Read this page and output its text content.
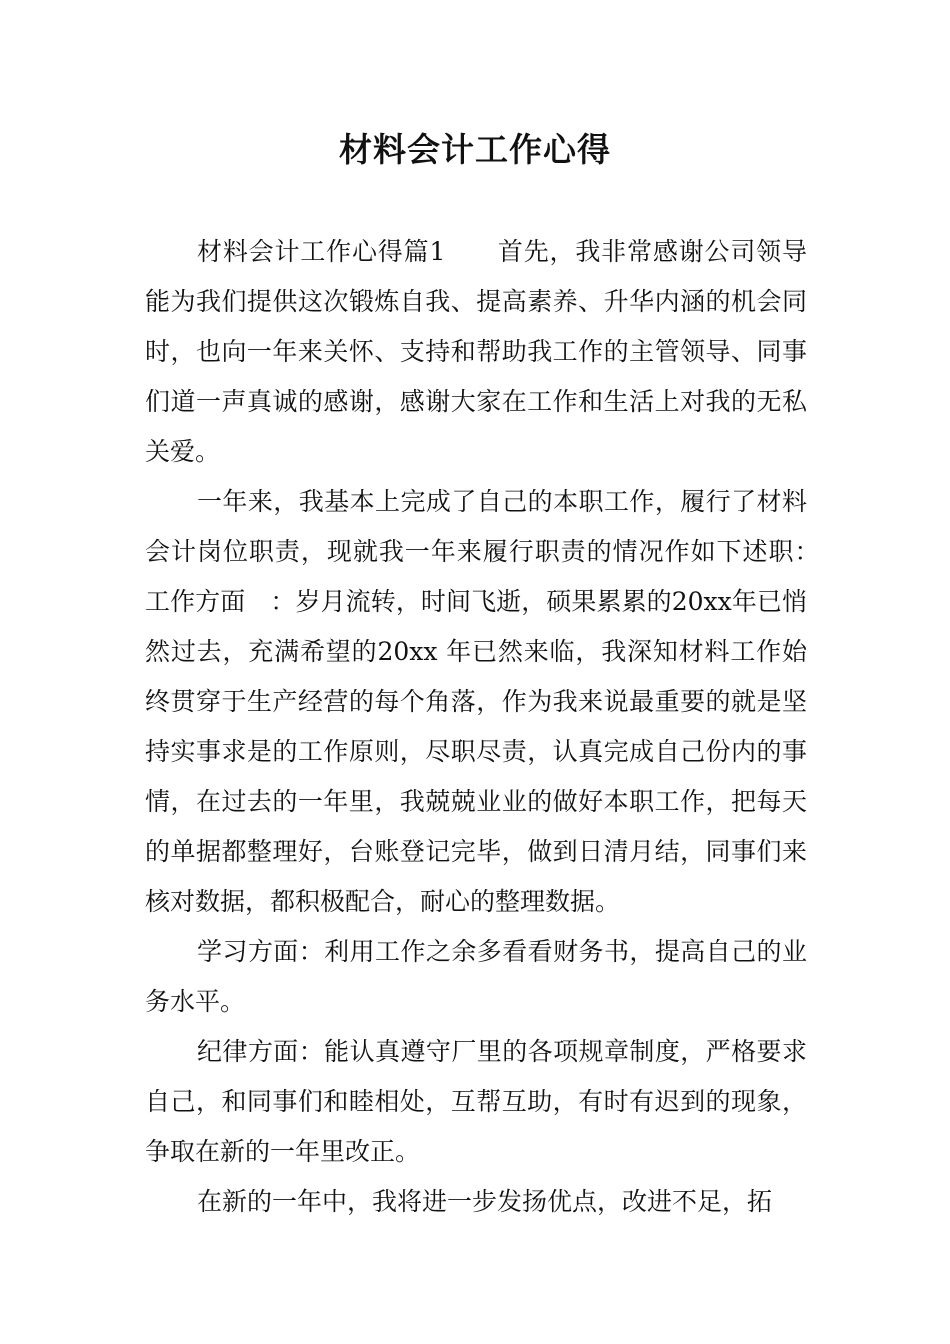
材料会计工作心得

材料会计工作心得篇1　　首先，我非常感谢公司领导能为我们提供这次锻炼自我、提高素养、升华内涵的机会同时，也向一年来关怀、支持和帮助我工作的主管领导、同事们道一声真诚的感谢，感谢大家在工作和生活上对我的无私关爱。

一年来，我基本上完成了自己的本职工作，履行了材料会计岗位职责，现就我一年来履行职责的情况作如下述职：　工作方面　：岁月流转，时间飞逝，硕果累累的20xx年已悄然过去，充满希望的20xx 年已然来临，我深知材料工作始终贯穿于生产经营的每个角落，作为我来说最重要的就是坚持实事求是的工作原则，尽职尽责，认真完成自己份内的事情，在过去的一年里，我兢兢业业的做好本职工作，把每天的单据都整理好，台账登记完毕，做到日清月结，同事们来核对数据，都积极配合，耐心的整理数据。

学习方面：利用工作之余多看看财务书，提高自己的业务水平。

纪律方面：能认真遵守厂里的各项规章制度，严格要求自己，和同事们和睦相处，互帮互助，有时有迟到的现象，争取在新的一年里改正。

在新的一年中，我将进一步发扬优点，改进不足，拓
